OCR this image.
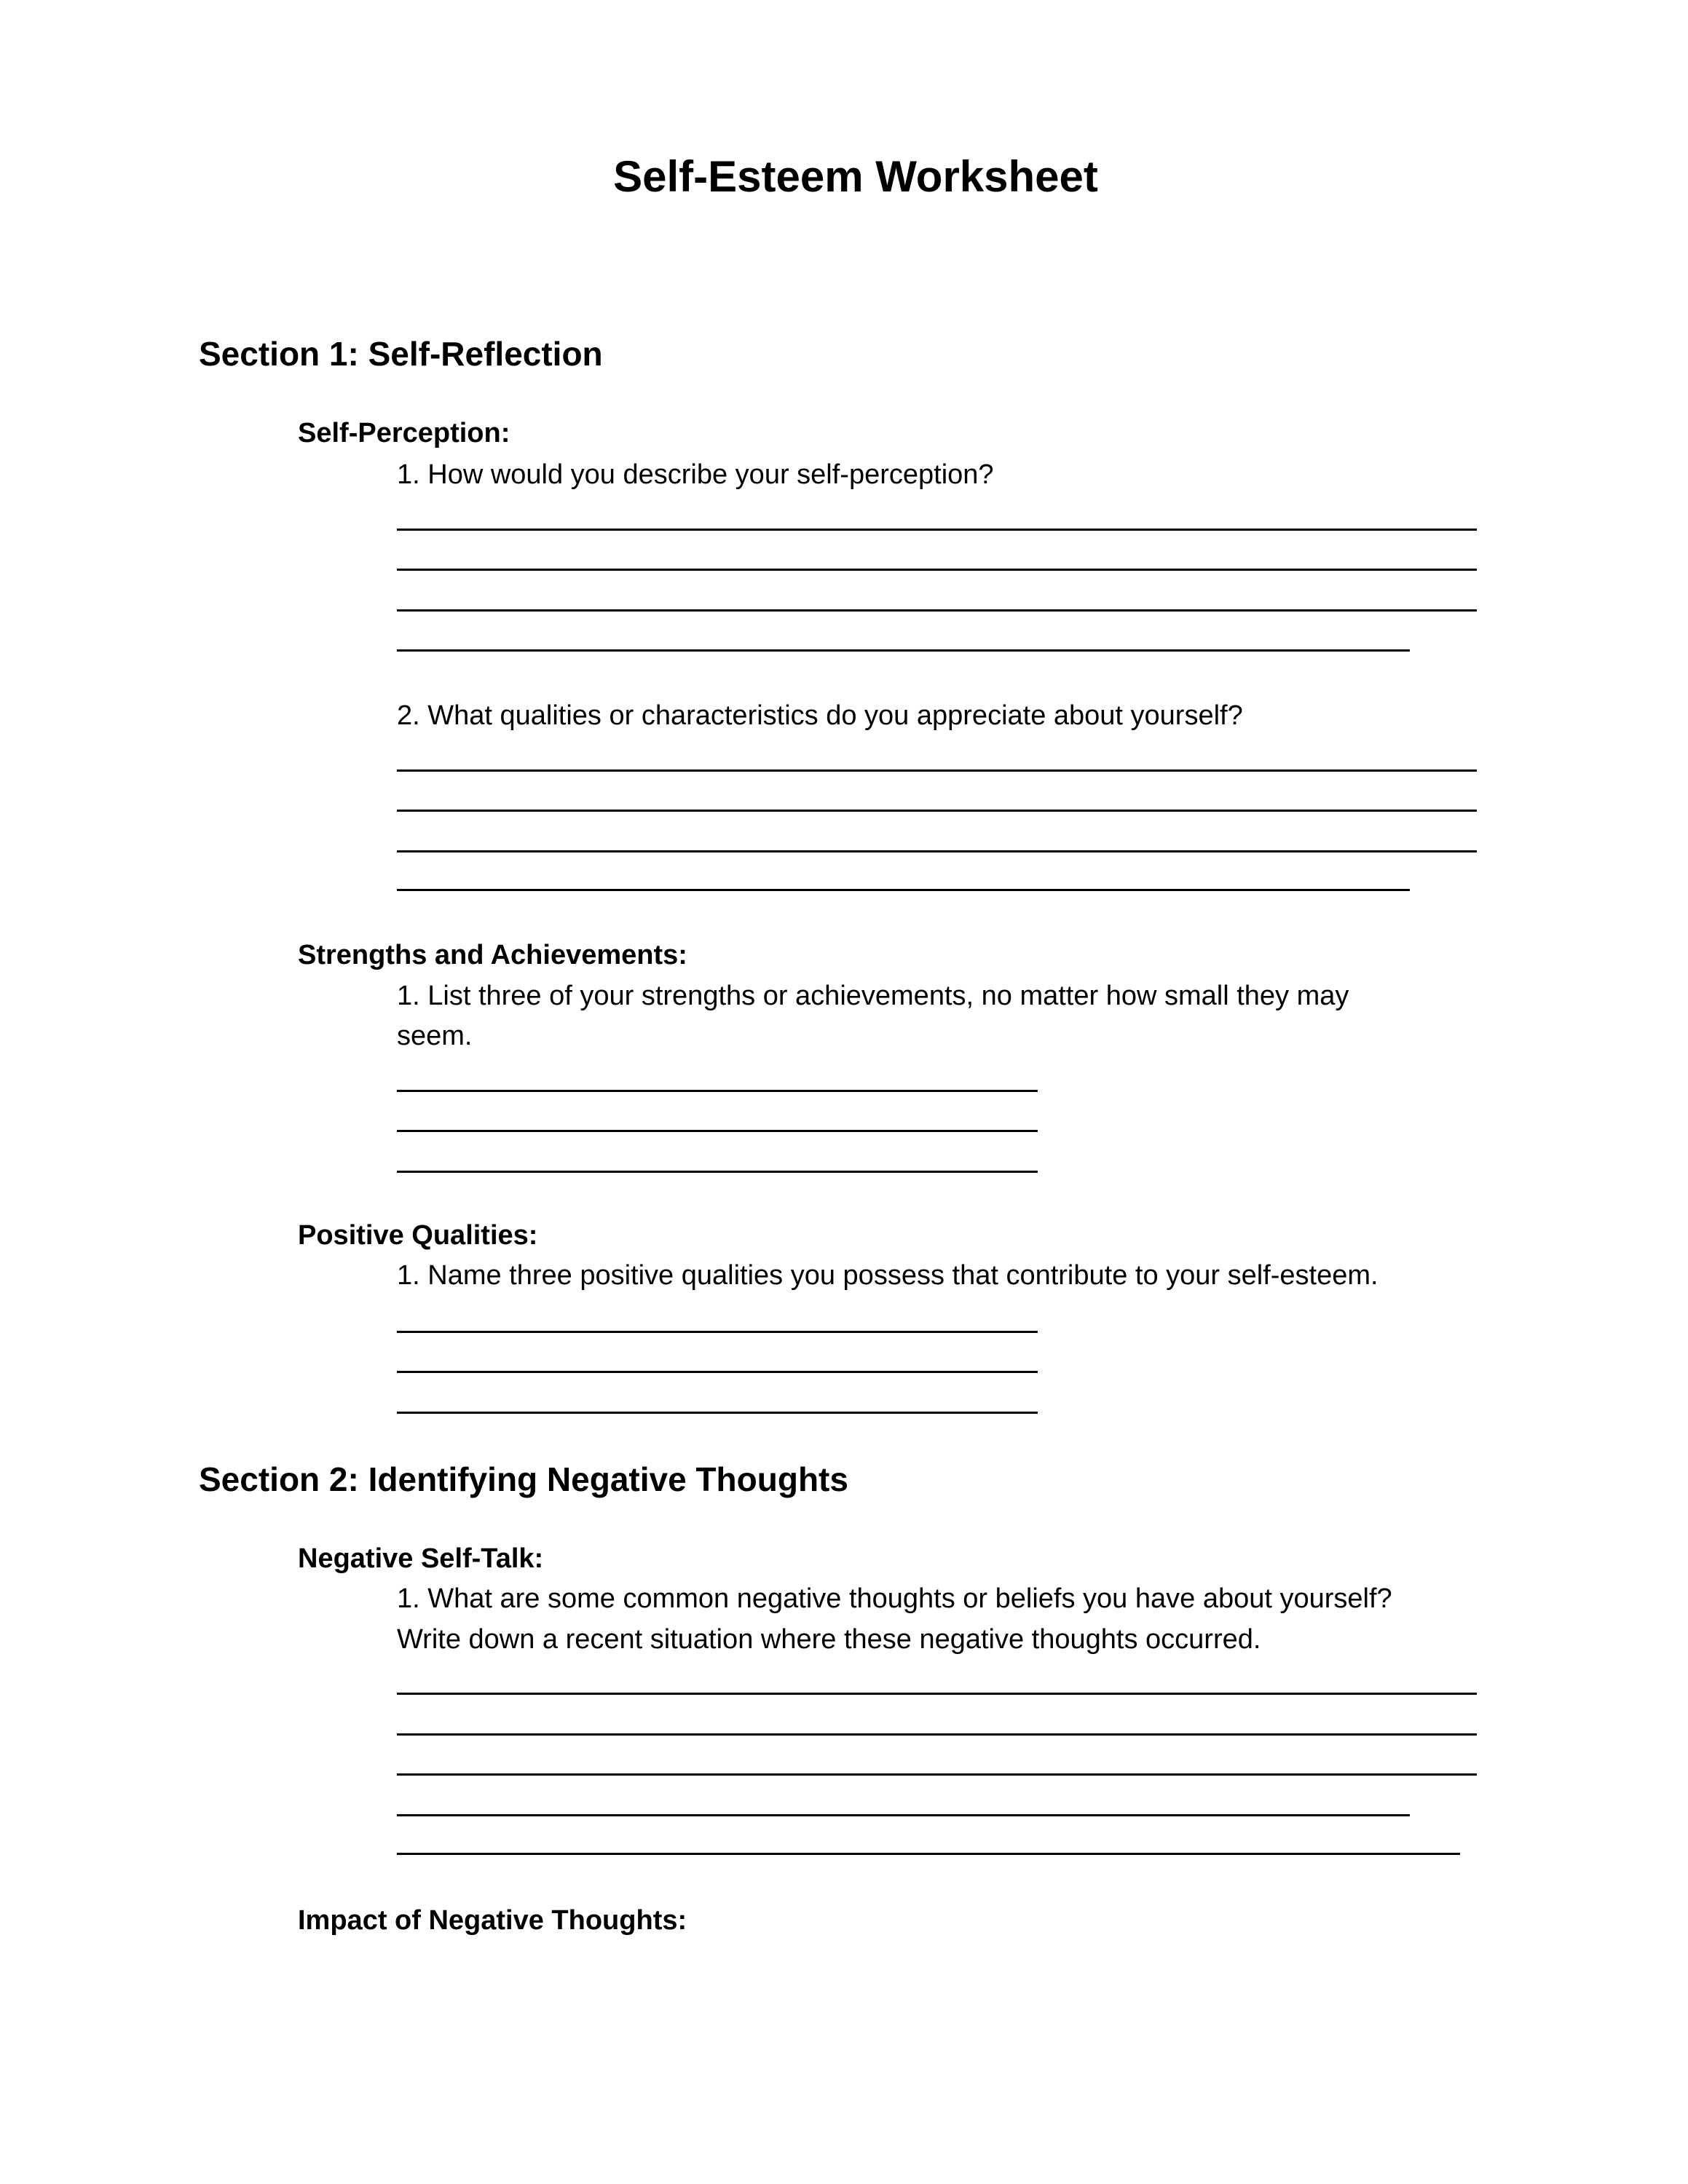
Self-Esteem Worksheet
Section 1: Self-Reflection
Self-Perception:
1. How would you describe your self-perception?
2. What qualities or characteristics do you appreciate about yourself?
Strengths and Achievements:
1. List three of your strengths or achievements, no matter how small they may
seem.
Positive Qualities:
1. Name three positive qualities you possess that contribute to your self-esteem.
Section 2: Identifying Negative Thoughts
Negative Self-Talk:
1. What are some common negative thoughts or beliefs you have about yourself?
Write down a recent situation where these negative thoughts occurred.
Impact of Negative Thoughts:
